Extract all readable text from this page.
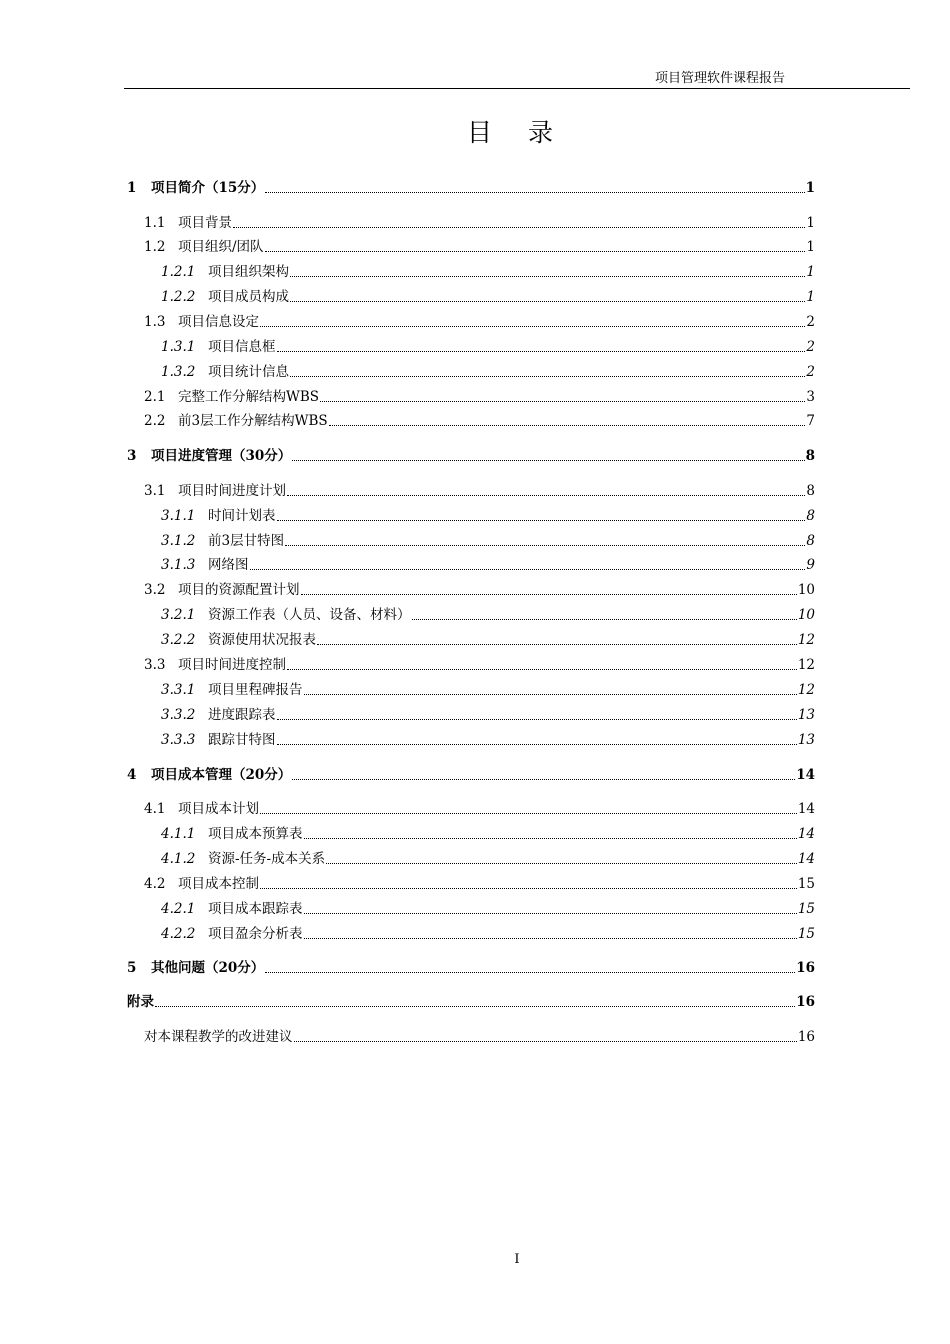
项目管理软件课程报告
目 录
1	项目简介（15分）	1
1.1 项目背景	1
1.2 项目组织/团队	1
1.2.1 项目组织架构	1
1.2.2 项目成员构成	1
1.3 项目信息设定	2
1.3.1 项目信息框	2
1.3.2 项目统计信息	2
2.1 完整工作分解结构WBS	3
2.2 前3层工作分解结构WBS	7
3	项目进度管理（30分）	8
3.1 项目时间进度计划	8
3.1.1 时间计划表	8
3.1.2 前3层甘特图	8
3.1.3 网络图	9
3.2 项目的资源配置计划	10
3.2.1 资源工作表（人员、设备、材料）	10
3.2.2 资源使用状况报表	12
3.3 项目时间进度控制	12
3.3.1 项目里程碑报告	12
3.3.2 进度跟踪表	13
3.3.3 跟踪甘特图	13
4	项目成本管理（20分）	14
4.1 项目成本计划	14
4.1.1 项目成本预算表	14
4.1.2 资源-任务-成本关系	14
4.2 项目成本控制	15
4.2.1 项目成本跟踪表	15
4.2.2 项目盈余分析表	15
5	其他问题（20分）	16
附录	16
对本课程教学的改进建议	16
I
